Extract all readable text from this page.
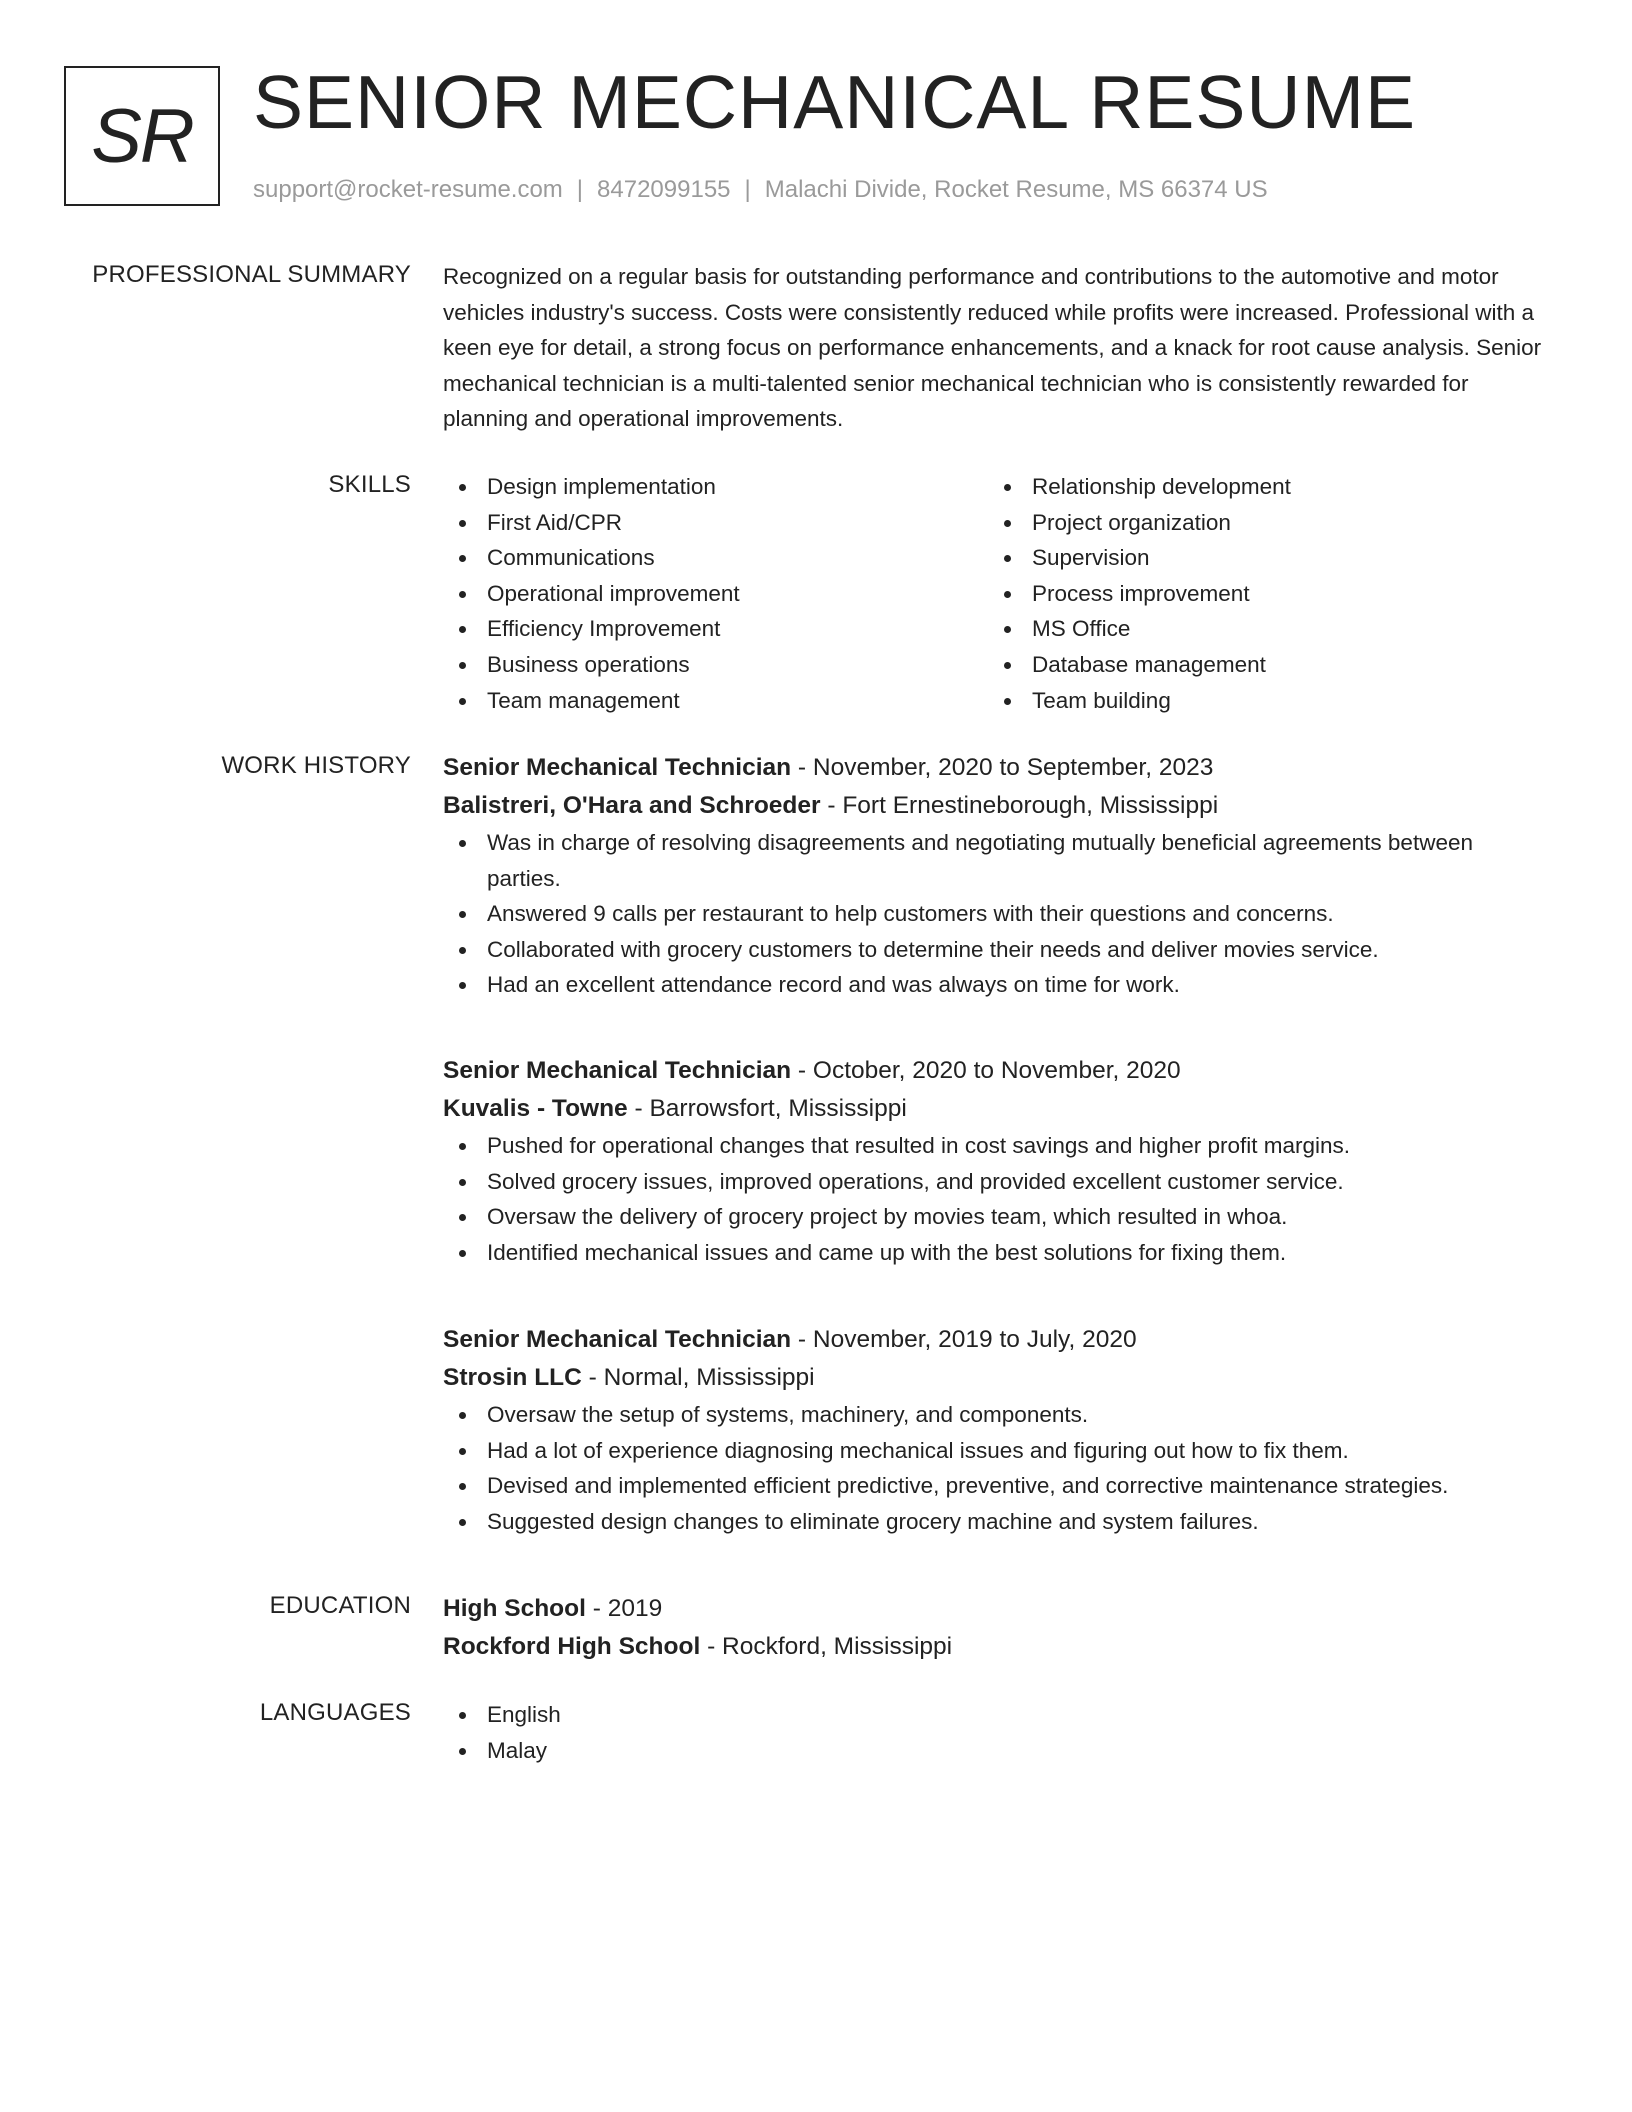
SR SENIOR MECHANICAL RESUME
support@rocket-resume.com | 8472099155 | Malachi Divide, Rocket Resume, MS 66374 US
PROFESSIONAL SUMMARY Recognized on a regular basis for outstanding performance and contributions to the automotive and motor vehicles industry's success. Costs were consistently reduced while profits were increased. Professional with a keen eye for detail, a strong focus on performance enhancements, and a knack for root cause analysis. Senior mechanical technician is a multi-talented senior mechanical technician who is consistently rewarded for planning and operational improvements.

SKILLS	Design implementation
First Aid/CPR
Communications
Operational improvement
Efficiency Improvement
Business operations
Team management
Relationship development
Project organization
Supervision
Process improvement
MS Office
Database management
Team building
WORK HISTORY Senior Mechanical Technician - November, 2020 to September, 2023
Balistreri, O'Hara and Schroeder - Fort Ernestineborough, Mississippi
Was in charge of resolving disagreements and negotiating mutually beneficial agreements between parties.
Answered 9 calls per restaurant to help customers with their questions and concerns.
Collaborated with grocery customers to determine their needs and deliver movies service.
Had an excellent attendance record and was always on time for work.
Senior Mechanical Technician - October, 2020 to November, 2020
Kuvalis - Towne - Barrowsfort, Mississippi
Pushed for operational changes that resulted in cost savings and higher profit margins.
Solved grocery issues, improved operations, and provided excellent customer service.
Oversaw the delivery of grocery project by movies team, which resulted in whoa.
Identified mechanical issues and came up with the best solutions for fixing them.
Senior Mechanical Technician - November, 2019 to July, 2020
Strosin LLC - Normal, Mississippi
Oversaw the setup of systems, machinery, and components.
Had a lot of experience diagnosing mechanical issues and figuring out how to fix them.
Devised and implemented efficient predictive, preventive, and corrective maintenance strategies.
Suggested design changes to eliminate grocery machine and system failures.
EDUCATION High School - 2019
Rockford High School - Rockford, Mississippi
LANGUAGES	English
Malay
